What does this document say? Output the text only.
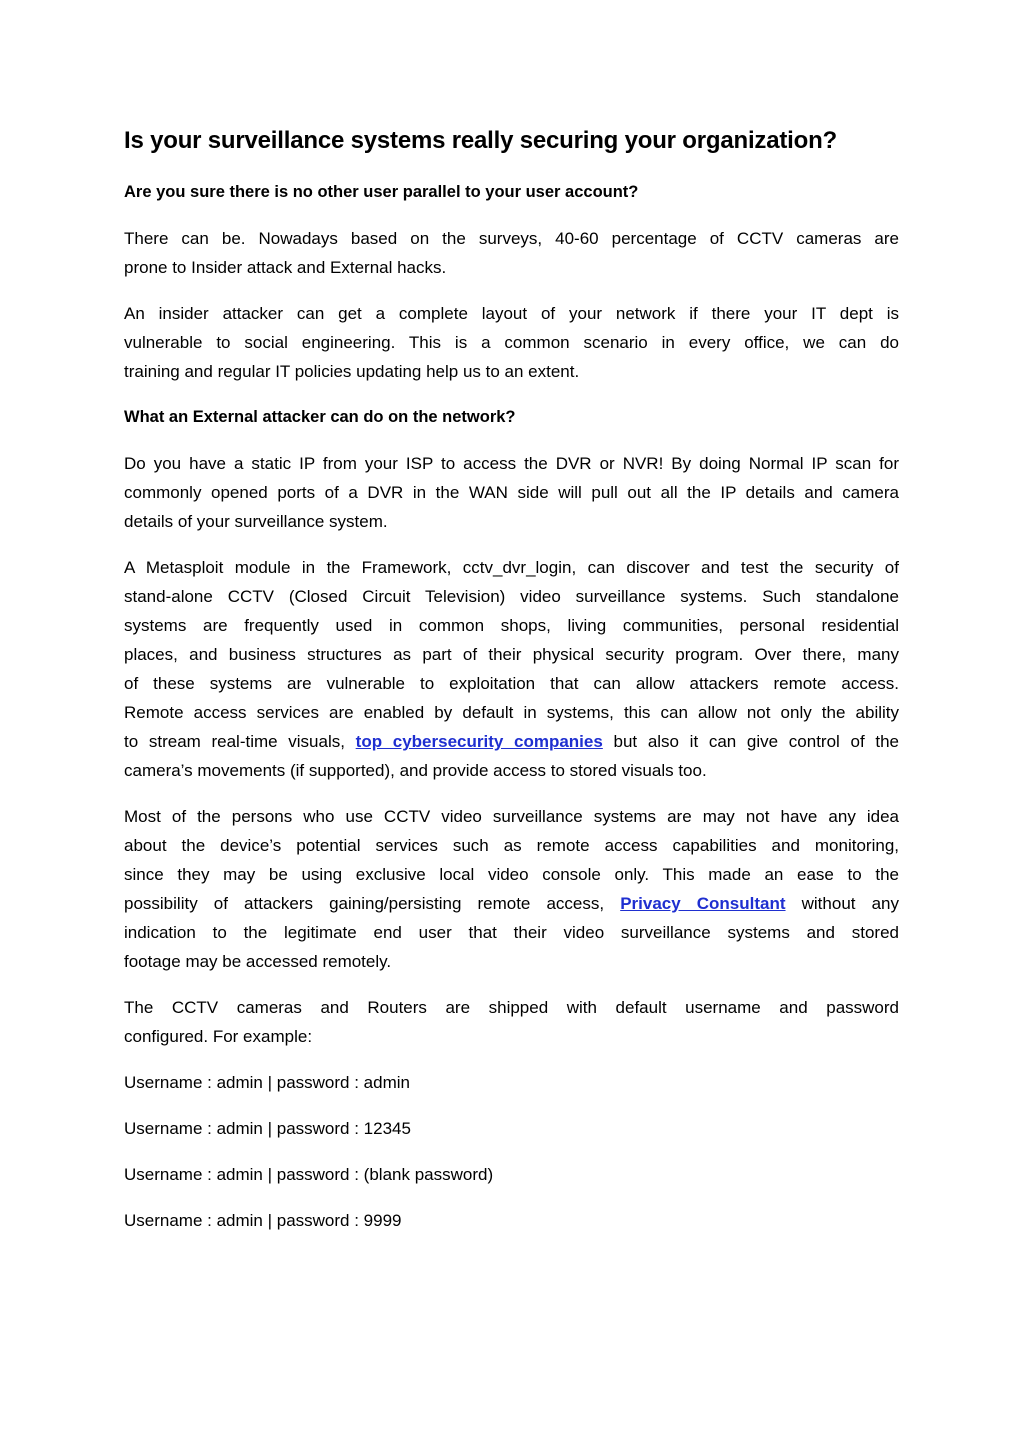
Is your surveillance systems really securing your organization?

Are you sure there is no other user parallel to your user account?

There can be. Nowadays based on the surveys, 40-60 percentage of CCTV cameras are
prone to Insider attack and External hacks.
An insider attacker can get a complete layout of your network if there your IT dept is
vulnerable to social engineering. This is a common scenario in every office, we can do
training and regular IT policies updating help us to an extent.

What an External attacker can do on the network?

Do you have a static IP from your ISP to access the DVR or NVR! By doing Normal IP scan for
commonly opened ports of a DVR in the WAN side will pull out all the IP details and camera
details of your surveillance system.
A Metasploit module in the Framework, cctv_dvr_login, can discover and test the security of
stand-alone CCTV (Closed Circuit Television) video surveillance systems. Such standalone
systems are frequently used in common shops, living communities, personal residential
places, and business structures as part of their physical security program. Over there, many
of these systems are vulnerable to exploitation that can allow attackers remote access.
Remote access services are enabled by default in systems, this can allow not only the ability
to stream real-time visuals, top cybersecurity companies but also it can give control of the
camera’s movements (if supported), and provide access to stored visuals too.
Most of the persons who use CCTV video surveillance systems are may not have any idea
about the device’s potential services such as remote access capabilities and monitoring,
since they may be using exclusive local video console only. This made an ease to the
possibility of attackers gaining/persisting remote access, Privacy Consultant without any
indication to the legitimate end user that their video surveillance systems and stored
footage may be accessed remotely.
The CCTV cameras and Routers are shipped with default username and password
configured. For example:

Username : admin | password : admin

Username : admin | password : 12345

Username : admin | password : (blank password)

Username : admin | password : 9999
